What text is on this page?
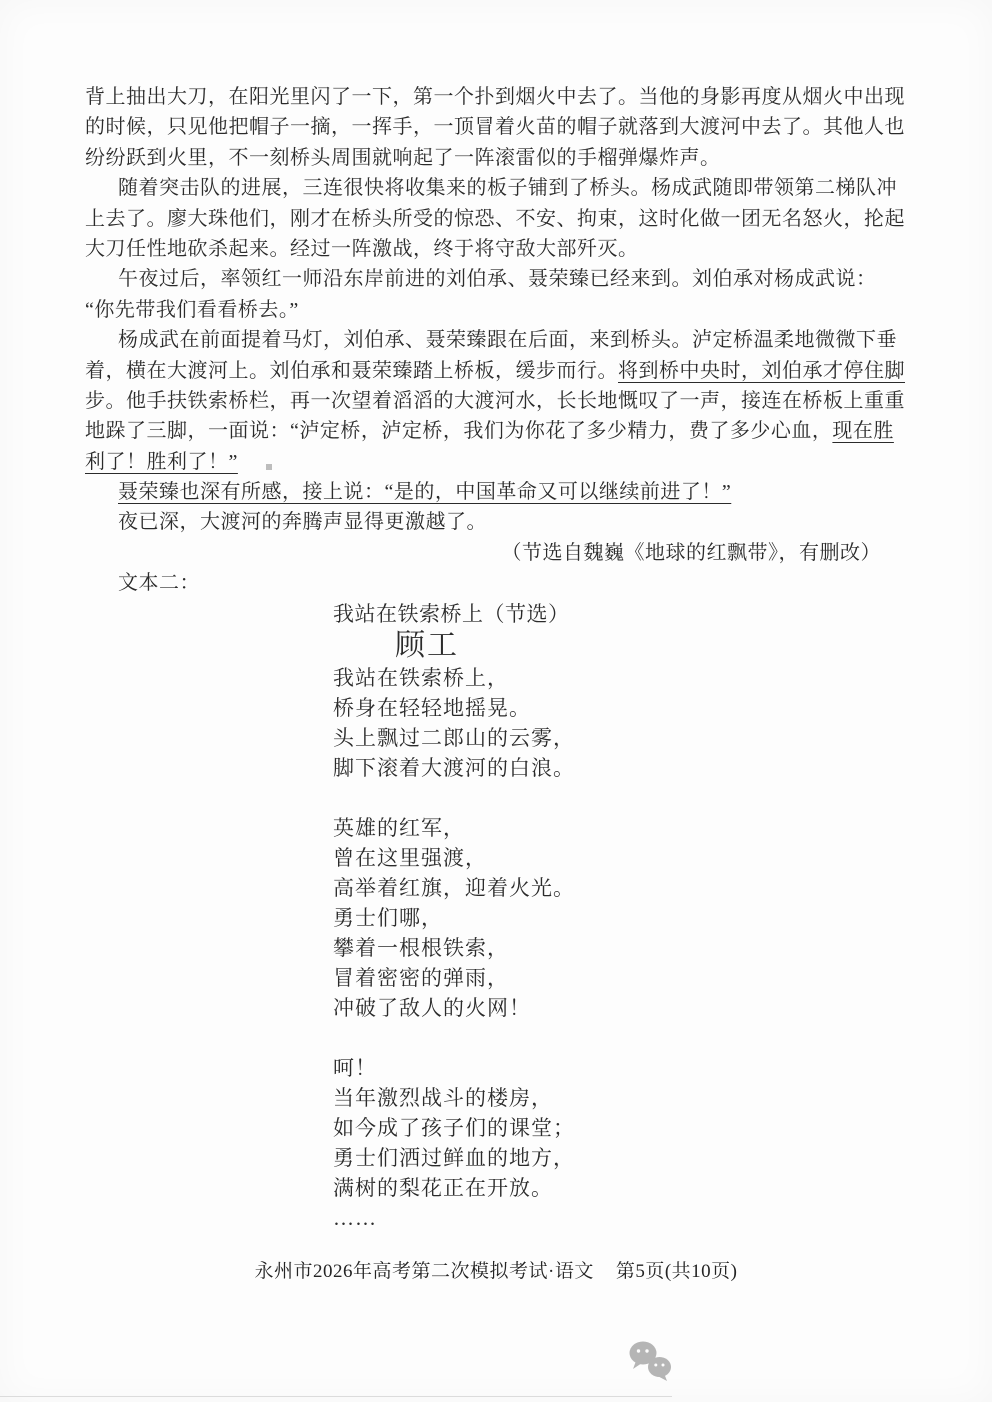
背上抽出大刀，在阳光里闪了一下，第一个扑到烟火中去了。当他的身影再度从烟火中出现
的时候，只见他把帽子一摘，一挥手，一顶冒着火苗的帽子就落到大渡河中去了。其他人也
纷纷跃到火里，不一刻桥头周围就响起了一阵滚雷似的手榴弹爆炸声。
随着突击队的进展，三连很快将收集来的板子铺到了桥头。杨成武随即带领第二梯队冲
上去了。廖大珠他们，刚才在桥头所受的惊恐、不安、拘束，这时化做一团无名怒火，抡起
大刀任性地砍杀起来。经过一阵激战，终于将守敌大部歼灭。
午夜过后，率领红一师沿东岸前进的刘伯承、聂荣臻已经来到。刘伯承对杨成武说：
“你先带我们看看桥去。”
杨成武在前面提着马灯，刘伯承、聂荣臻跟在后面，来到桥头。泸定桥温柔地微微下垂
着，横在大渡河上。刘伯承和聂荣臻踏上桥板，缓步而行。将到桥中央时，刘伯承才停住脚
步。他手扶铁索桥栏，再一次望着滔滔的大渡河水，长长地慨叹了一声，接连在桥板上重重
地跺了三脚，一面说：“泸定桥，泸定桥，我们为你花了多少精力，费了多少心血，现在胜
利了！胜利了！”
聂荣臻也深有所感，接上说：“是的，中国革命又可以继续前进了！”
夜已深，大渡河的奔腾声显得更激越了。
（节选自魏巍《地球的红飘带》，有删改）
文本二：
我站在铁索桥上（节选）
顾工
我站在铁索桥上，
桥身在轻轻地摇晃。
头上飘过二郎山的云雾，
脚下滚着大渡河的白浪。
英雄的红军，
曾在这里强渡，
高举着红旗，迎着火光。
勇士们哪，
攀着一根根铁索，
冒着密密的弹雨，
冲破了敌人的火网！
呵！
当年激烈战斗的楼房，
如今成了孩子们的课堂；
勇士们洒过鲜血的地方，
满树的梨花正在开放。
……
永州市2026年高考第二次模拟考试·语文 第5页(共10页)
